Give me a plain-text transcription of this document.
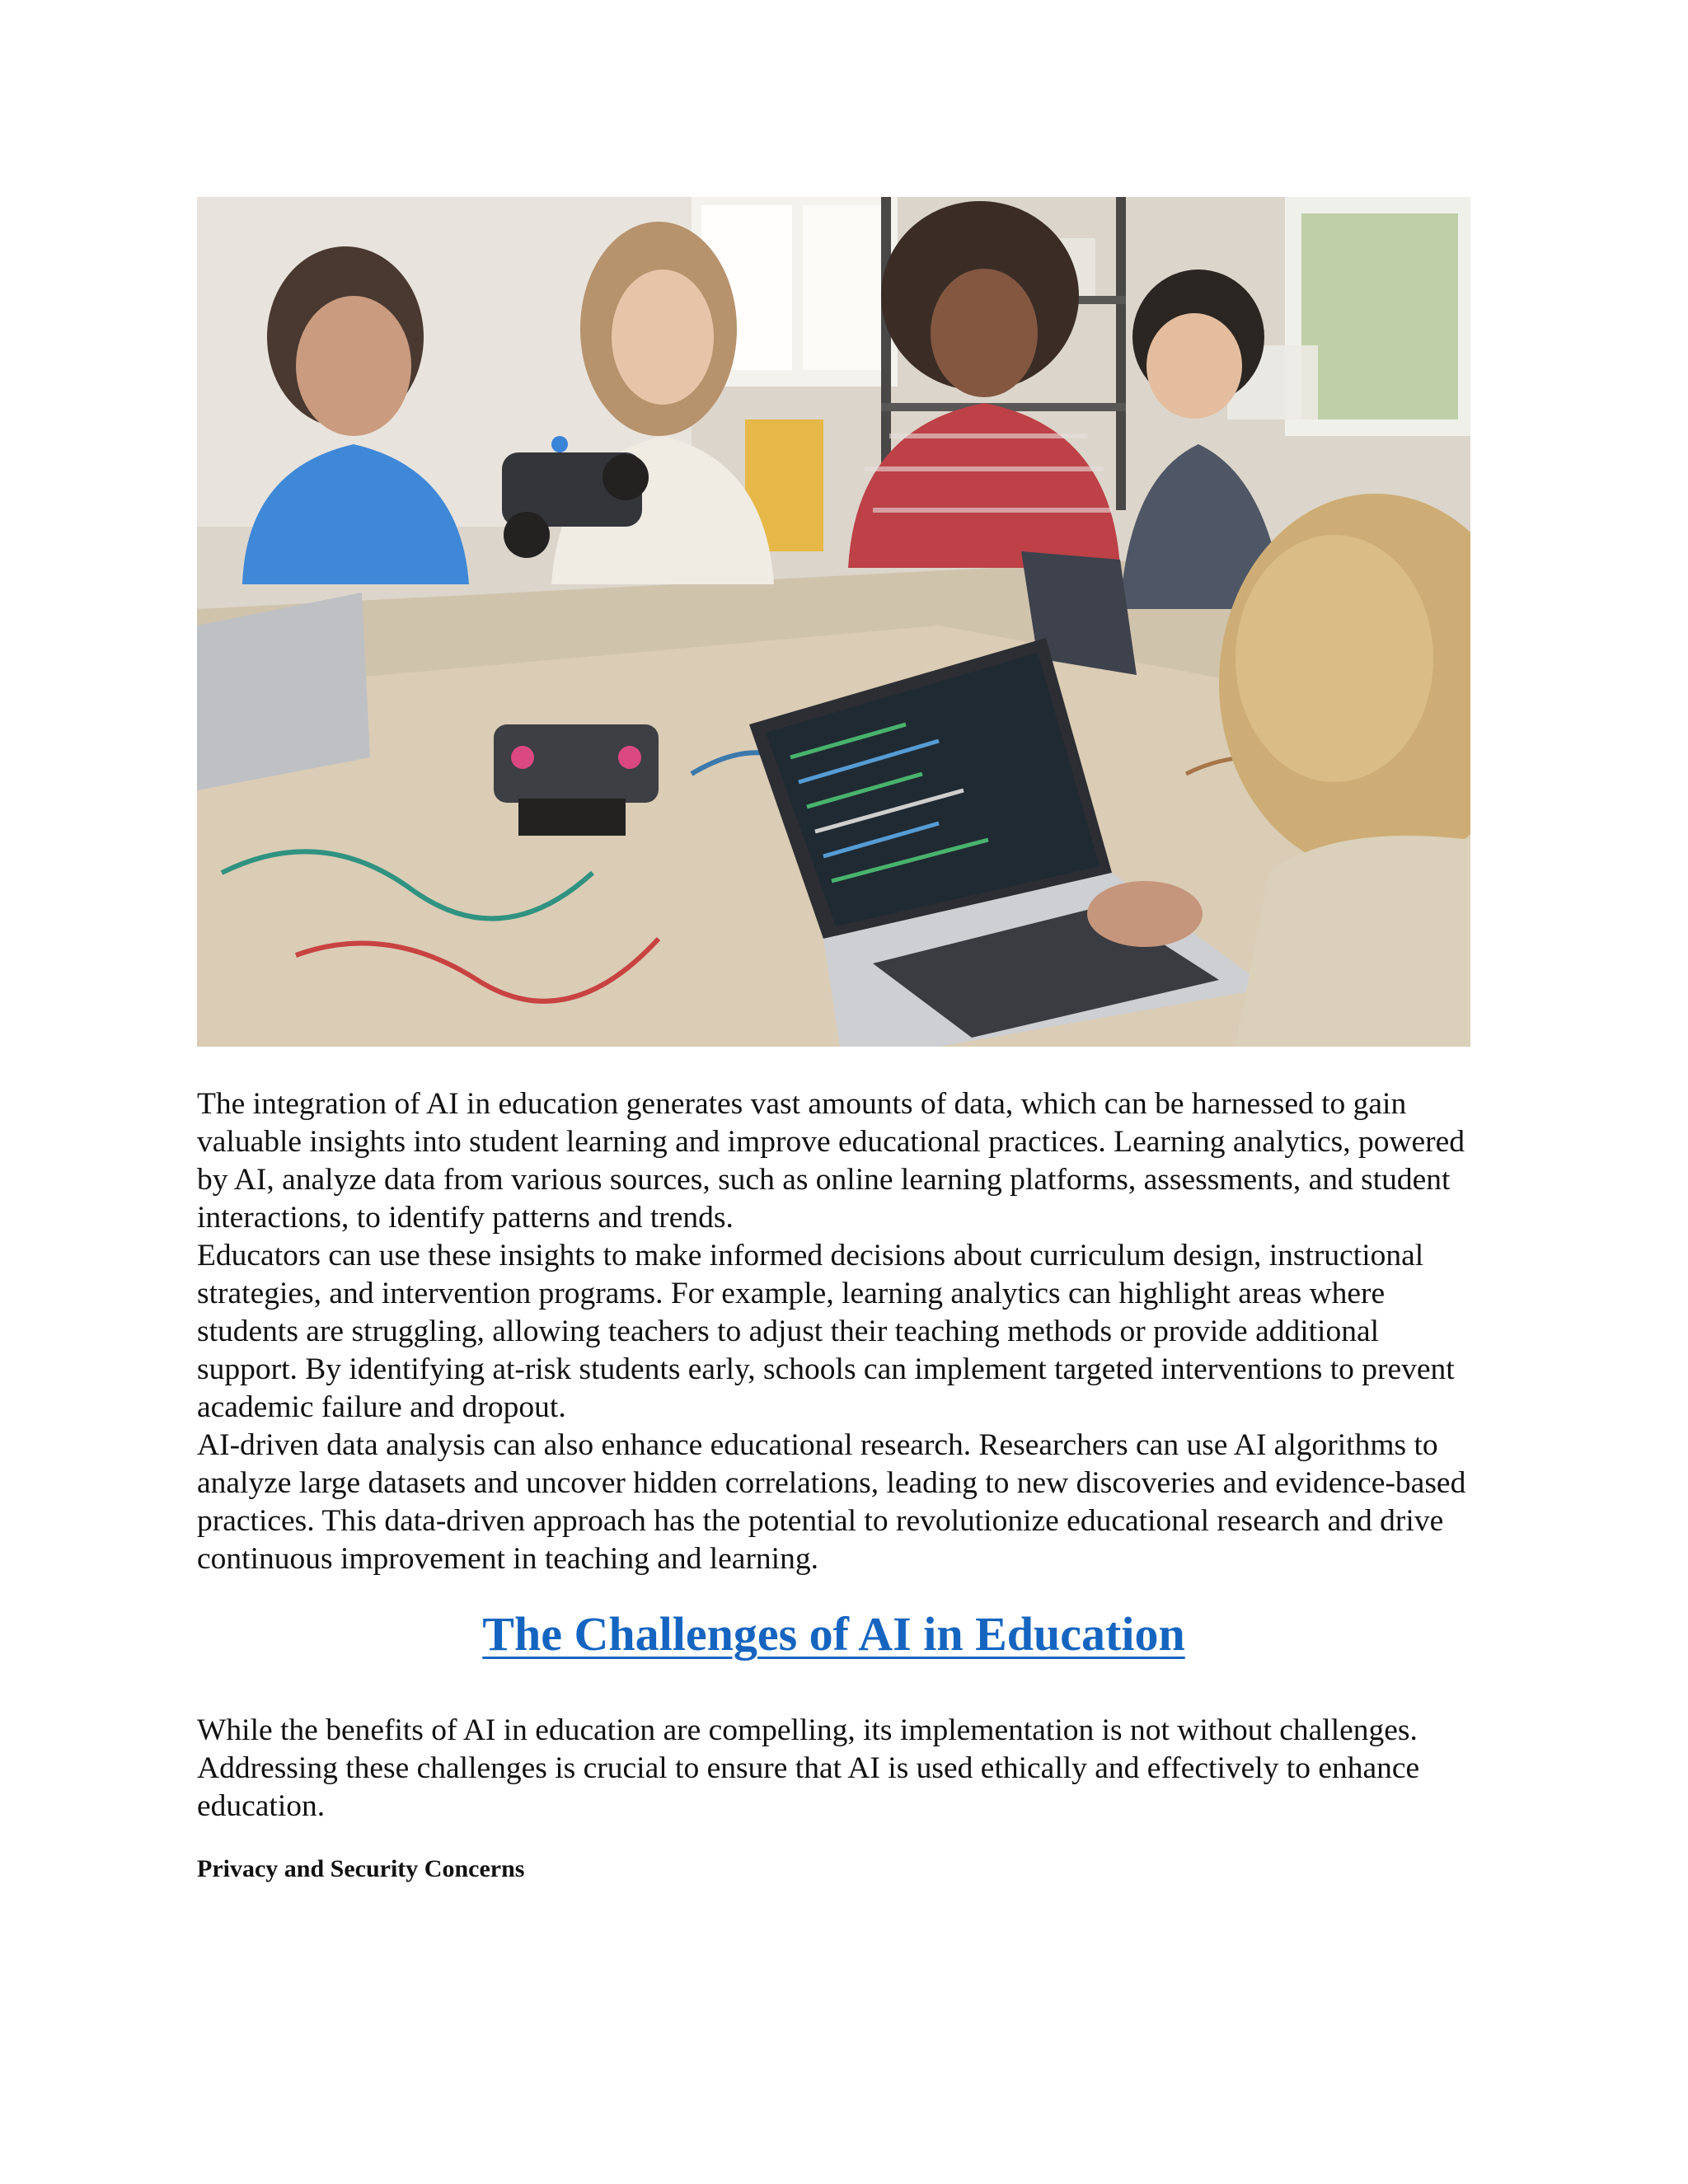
The integration of AI in education generates vast amounts of data, which can be harnessed to gain valuable insights into student learning and improve educational practices. Learning analytics, powered by AI, analyze data from various sources, such as online learning platforms, assessments, and student interactions, to identify patterns and trends.

Educators can use these insights to make informed decisions about curriculum design, instructional strategies, and intervention programs. For example, learning analytics can highlight areas where students are struggling, allowing teachers to adjust their teaching methods or provide additional support. By identifying at-risk students early, schools can implement targeted interventions to prevent academic failure and dropout.

AI-driven data analysis can also enhance educational research. Researchers can use AI algorithms to analyze large datasets and uncover hidden correlations, leading to new discoveries and evidence-based practices. This data-driven approach has the potential to revolutionize educational research and drive continuous improvement in teaching and learning.

The Challenges of AI in Education

While the benefits of AI in education are compelling, its implementation is not without challenges. Addressing these challenges is crucial to ensure that AI is used ethically and effectively to enhance education.

Privacy and Security Concerns
